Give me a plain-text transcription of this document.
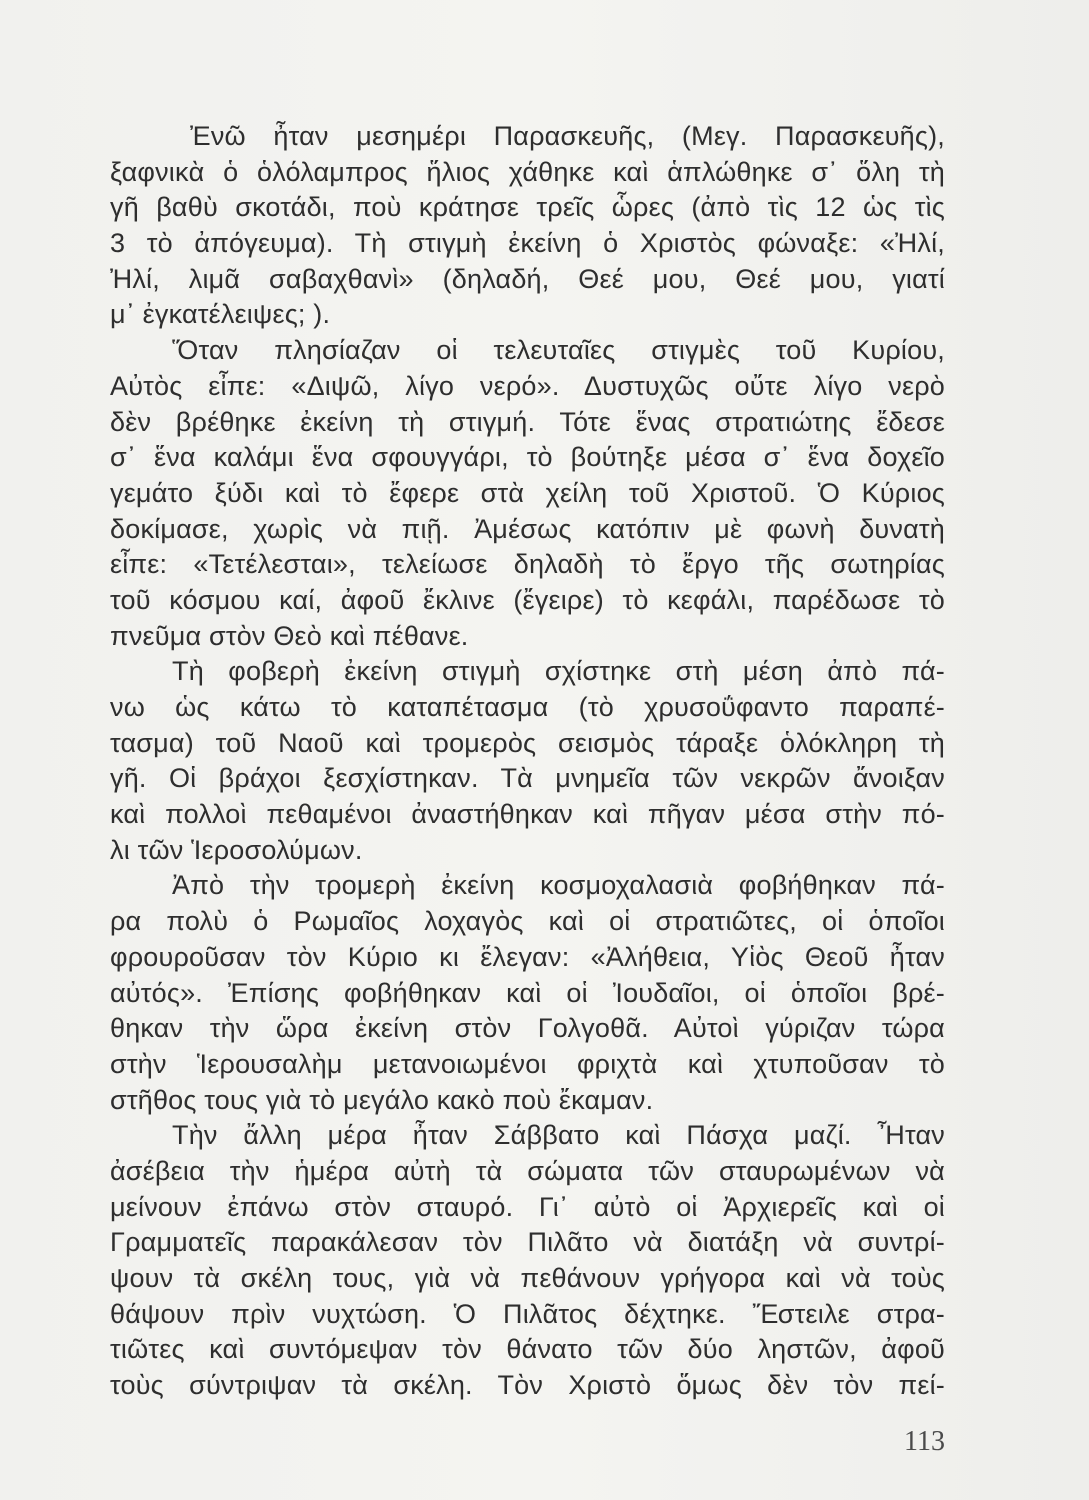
Ἐνῶ ἦταν μεσημέρι Παρασκευῆς, (Μεγ. Παρασκευῆς),
ξαφνικὰ ὁ ὁλόλαμπρος ἥλιος χάθηκε καὶ ἁπλώθηκε σ᾿ ὅλη τὴ
γῆ βαθὺ σκοτάδι, ποὺ κράτησε τρεῖς ὧρες (ἀπὸ τὶς 12 ὡς τὶς
3 τὸ ἀπόγευμα). Τὴ στιγμὴ ἐκείνη ὁ Χριστὸς φώναξε: «Ἠλί,
Ἠλί, λιμᾶ σαβαχθανὶ» (δηλαδή, Θεέ μου, Θεέ μου, γιατί
μ᾿ ἐγκατέλειψες; ).
Ὅταν πλησίαζαν οἱ τελευταῖες στιγμὲς τοῦ Κυρίου,
Αὐτὸς εἶπε: «Διψῶ, λίγο νερό». Δυστυχῶς οὔτε λίγο νερὸ
δὲν βρέθηκε ἐκείνη τὴ στιγμή. Τότε ἕνας στρατιώτης ἔδεσε
σ᾿ ἕνα καλάμι ἕνα σφουγγάρι, τὸ βούτηξε μέσα σ᾿ ἕνα δοχεῖο
γεμάτο ξύδι καὶ τὸ ἔφερε στὰ χείλη τοῦ Χριστοῦ. Ὁ Κύριος
δοκίμασε, χωρὶς νὰ πιῇ. Ἀμέσως κατόπιν μὲ φωνὴ δυνατὴ
εἶπε: «Τετέλεσται», τελείωσε δηλαδὴ τὸ ἔργο τῆς σωτηρίας
τοῦ κόσμου καί, ἀφοῦ ἔκλινε (ἔγειρε) τὸ κεφάλι, παρέδωσε τὸ
πνεῦμα στὸν Θεὸ καὶ πέθανε.
Τὴ φοβερὴ ἐκείνη στιγμὴ σχίστηκε στὴ μέση ἀπὸ πά-
νω ὡς κάτω τὸ καταπέτασμα (τὸ χρυσοΰφαντο παραπέ-
τασμα) τοῦ Ναοῦ καὶ τρομερὸς σεισμὸς τάραξε ὁλόκληρη τὴ
γῆ. Οἱ βράχοι ξεσχίστηκαν. Τὰ μνημεῖα τῶν νεκρῶν ἄνοιξαν
καὶ πολλοὶ πεθαμένοι ἀναστήθηκαν καὶ πῆγαν μέσα στὴν πό-
λι τῶν Ἱεροσολύμων.
Ἀπὸ τὴν τρομερὴ ἐκείνη κοσμοχαλασιὰ φοβήθηκαν πά-
ρα πολὺ ὁ Ρωμαῖος λοχαγὸς καὶ οἱ στρατιῶτες, οἱ ὁποῖοι
φρουροῦσαν τὸν Κύριο κι ἔλεγαν: «Ἀλήθεια, Υἱὸς Θεοῦ ἦταν
αὐτός». Ἐπίσης φοβήθηκαν καὶ οἱ Ἰουδαῖοι, οἱ ὁποῖοι βρέ-
θηκαν τὴν ὥρα ἐκείνη στὸν Γολγοθᾶ. Αὐτοὶ γύριζαν τώρα
στὴν Ἱερουσαλὴμ μετανοιωμένοι φριχτὰ καὶ χτυποῦσαν τὸ
στῆθος τους γιὰ τὸ μεγάλο κακὸ ποὺ ἔκαμαν.
Τὴν ἄλλη μέρα ἦταν Σάββατο καὶ Πάσχα μαζί. Ἦταν
ἀσέβεια τὴν ἡμέρα αὐτὴ τὰ σώματα τῶν σταυρωμένων νὰ
μείνουν ἐπάνω στὸν σταυρό. Γι᾿ αὐτὸ οἱ Ἀρχιερεῖς καὶ οἱ
Γραμματεῖς παρακάλεσαν τὸν Πιλᾶτο νὰ διατάξη νὰ συντρί-
ψουν τὰ σκέλη τους, γιὰ νὰ πεθάνουν γρήγορα καὶ νὰ τοὺς
θάψουν πρὶν νυχτώση. Ὁ Πιλᾶτος δέχτηκε. Ἔστειλε στρα-
τιῶτες καὶ συντόμεψαν τὸν θάνατο τῶν δύο ληστῶν, ἀφοῦ
τοὺς σύντριψαν τὰ σκέλη. Τὸν Χριστὸ ὅμως δὲν τὸν πεί-
113
